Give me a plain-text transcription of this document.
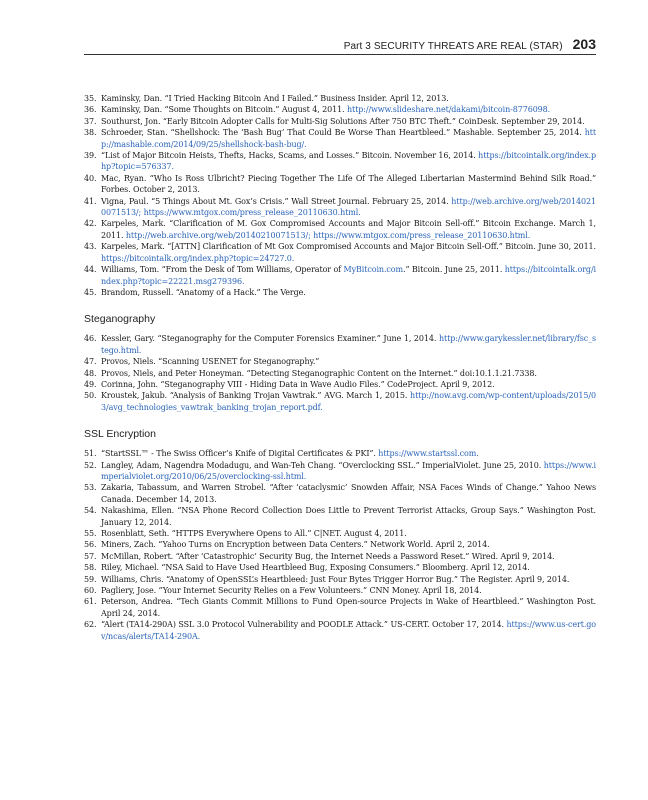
Part 3 SECURITY THREATS ARE REAL (STAR) 203
35. Kaminsky, Dan. “I Tried Hacking Bitcoin And I Failed.” Business Insider. April 12, 2013.
36. Kaminsky, Dan. “Some Thoughts on Bitcoin.” August 4, 2011. http://www.slideshare.net/dakami/bitcoin-8776098.
37. Southurst, Jon. “Early Bitcoin Adopter Calls for Multi-Sig Solutions After 750 BTC Theft.” CoinDesk. September 29, 2014.
38. Schroeder, Stan. “Shellshock: The ‘Bash Bug’ That Could Be Worse Than Heartbleed.” Mashable. September 25, 2014. http://mashable.com/2014/09/25/shellshock-bash-bug/.
39. “List of Major Bitcoin Heists, Thefts, Hacks, Scams, and Losses.” Bitcoin. November 16, 2014. https://bitcointalk.org/index.php?topic=576337.
40. Mac, Ryan. “Who Is Ross Ulbricht? Piecing Together The Life Of The Alleged Libertarian Mastermind Behind Silk Road.” Forbes. October 2, 2013.
41. Vigna, Paul. “5 Things About Mt. Gox’s Crisis.” Wall Street Journal. February 25, 2014. http://web.archive.org/web/20140210071513/; https://www.mtgox.com/press_release_20110630.html.
42. Karpeles, Mark. “Clarification of M. Gox Compromised Accounts and Major Bitcoin Sell-off.” Bitcoin Exchange. March 1, 2011. http://web.archive.org/web/20140210071513/; https://www.mtgox.com/press_release_20110630.html.
43. Karpeles, Mark. “[ATTN] Clarification of Mt Gox Compromised Accounts and Major Bitcoin Sell-Off.” Bitcoin. June 30, 2011. https://bitcointalk.org/index.php?topic=24727.0.
44. Williams, Tom. “From the Desk of Tom Williams, Operator of MyBitcoin.com.” Bitcoin. June 25, 2011. https://bitcointalk.org/index.php?topic=22221.msg279396.
45. Brandom, Russell. “Anatomy of a Hack.” The Verge.
Steganography
46. Kessler, Gary. “Steganography for the Computer Forensics Examiner.” June 1, 2014. http://www.garykessler.net/library/fsc_stego.html.
47. Provos, Niels. “Scanning USENET for Steganography.”
48. Provos, Niels, and Peter Honeyman. “Detecting Steganographic Content on the Internet.” doi:10.1.1.21.7338.
49. Corinna, John. “Steganography VIII - Hiding Data in Wave Audio Files.” CodeProject. April 9, 2012.
50. Kroustek, Jakub. “Analysis of Banking Trojan Vawtrak.” AVG. March 1, 2015. http://now.avg.com/wp-content/uploads/2015/03/avg_technologies_vawtrak_banking_trojan_report.pdf.
SSL Encryption
51. “StartSSL™ - The Swiss Officer’s Knife of Digital Certificates & PKI”. https://www.startssl.com.
52. Langley, Adam, Nagendra Modadugu, and Wan-Teh Chang. “Overclocking SSL.” ImperialViolet. June 25, 2010. https://www.imperialviolet.org/2010/06/25/overclocking-ssl.html.
53. Zakaria, Tabassum, and Warren Strobel. “After ‘cataclysmic’ Snowden Affair, NSA Faces Winds of Change.” Yahoo News Canada. December 14, 2013.
54. Nakashima, Ellen. “NSA Phone Record Collection Does Little to Prevent Terrorist Attacks, Group Says.” Washington Post. January 12, 2014.
55. Rosenblatt, Seth. “HTTPS Everywhere Opens to All.” C|NET. August 4, 2011.
56. Miners, Zach. “Yahoo Turns on Encryption between Data Centers.” Network World. April 2, 2014.
57. McMillan, Robert. “After ‘Catastrophic’ Security Bug, the Internet Needs a Password Reset.” Wired. April 9, 2014.
58. Riley, Michael. “NSA Said to Have Used Heartbleed Bug, Exposing Consumers.” Bloomberg. April 12, 2014.
59. Williams, Chris. “Anatomy of OpenSSL’s Heartbleed: Just Four Bytes Trigger Horror Bug.” The Register. April 9, 2014.
60. Pagliery, Jose. “Your Internet Security Relies on a Few Volunteers.” CNN Money. April 18, 2014.
61. Peterson, Andrea. “Tech Giants Commit Millions to Fund Open-source Projects in Wake of Heartbleed.” Washington Post. April 24, 2014.
62. “Alert (TA14-290A) SSL 3.0 Protocol Vulnerability and POODLE Attack.” US-CERT. October 17, 2014. https://www.us-cert.gov/ncas/alerts/TA14-290A.
